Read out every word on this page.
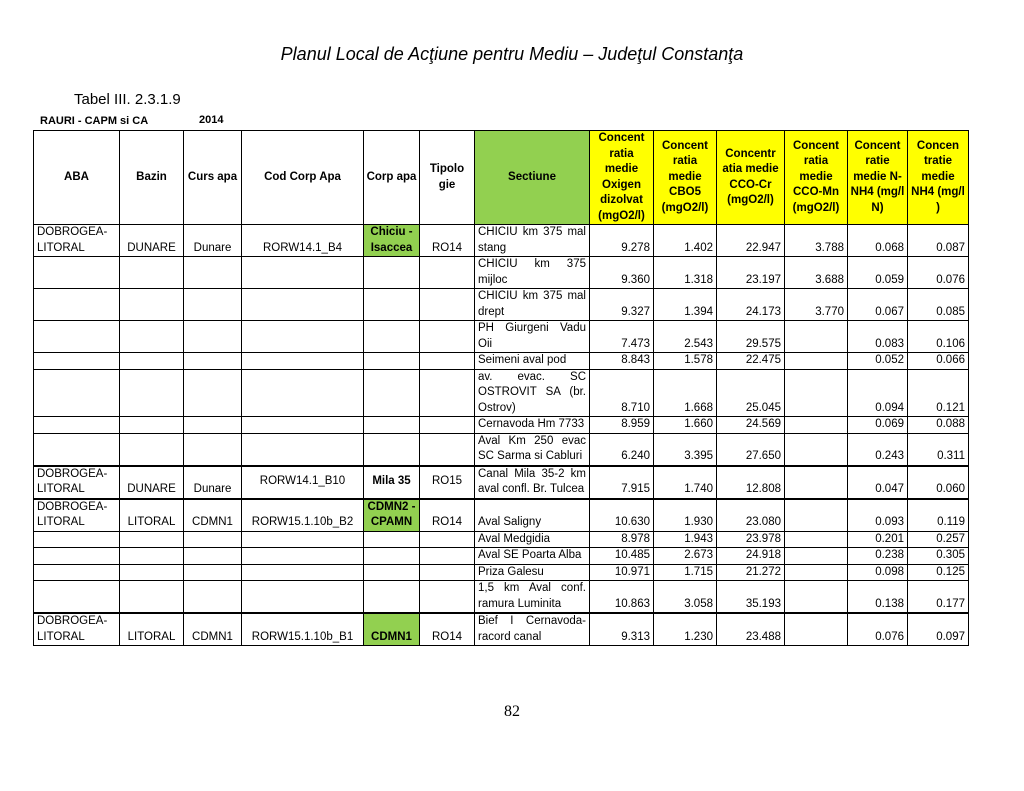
Planul Local de Acţiune pentru Mediu – Judeţul Constanţa
Tabel III. 2.3.1.9
RAURI - CAPM si CA	2014
ABA	Bazin	Curs apa	Cod Corp Apa	Corp apa	Tipolo gie	Sectiune	Concent ratia medie Oxigen dizolvat (mgO2/l)	Concent ratia medie CBO5 (mgO2/l)	Concentr atia medie CCO-Cr (mgO2/l)	Concent ratia medie CCO-Mn (mgO2/l)	Concent ratie medie N-NH4 (mg/l N)	Concen tratie medie NH4 (mg/l )
DOBROGEA- LITORAL	DUNARE	Dunare	RORW14.1_B4	Chiciu - Isaccea	RO14	CHICIU km 375 mal stang	9.278	1.402	22.947	3.788	0.068	0.087
						CHICIU km 375 mijloc	9.360	1.318	23.197	3.688	0.059	0.076
						CHICIU km 375 mal drept	9.327	1.394	24.173	3.770	0.067	0.085
						PH Giurgeni Vadu Oii	7.473	2.543	29.575		0.083	0.106
						Seimeni aval pod	8.843	1.578	22.475		0.052	0.066
						av. evac. SC OSTROVIT SA (br. Ostrov)	8.710	1.668	25.045		0.094	0.121
						Cernavoda Hm 7733	8.959	1.660	24.569		0.069	0.088
						Aval Km 250 evac SC Sarma si Cabluri	6.240	3.395	27.650		0.243	0.311
DOBROGEA- LITORAL	DUNARE	Dunare	RORW14.1_B10	Mila 35	RO15	Canal Mila 35-2 km aval confl. Br. Tulcea	7.915	1.740	12.808		0.047	0.060
DOBROGEA- LITORAL	LITORAL	CDMN1	RORW15.1.10b_B2	CDMN2 - CPAMN	RO14	Aval Saligny	10.630	1.930	23.080		0.093	0.119
						Aval Medgidia	8.978	1.943	23.978		0.201	0.257
						Aval SE Poarta Alba	10.485	2.673	24.918		0.238	0.305
						Priza Galesu	10.971	1.715	21.272		0.098	0.125
						1,5 km Aval conf. ramura Luminita	10.863	3.058	35.193		0.138	0.177
DOBROGEA- LITORAL	LITORAL	CDMN1	RORW15.1.10b_B1	CDMN1	RO14	Bief I Cernavoda- racord canal	9.313	1.230	23.488		0.076	0.097
82
